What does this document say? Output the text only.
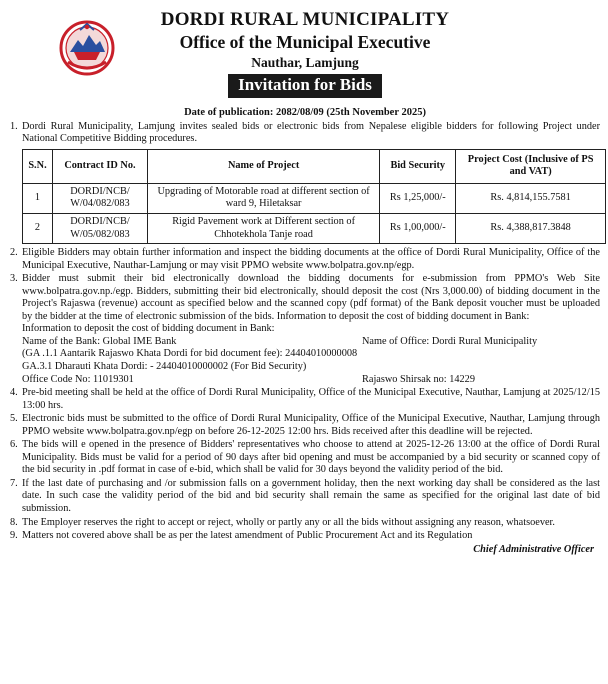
DORDI RURAL MUNICIPALITY
Office of the Municipal Executive
Nauthar, Lamjung
Invitation for Bids
Date of publication: 2082/08/09 (25th November 2025)
1. Dordi Rural Municipality, Lamjung invites sealed bids or electronic bids from Nepalese eligible bidders for following Project under National Competitive Bidding procedures.
S.N.	Contract ID No.	Name of Project	Bid Security	Project Cost (Inclusive of PS and VAT)
1	DORDI/NCB/ W/04/082/083	Upgrading of Motorable road at different section of ward 9, Hiletaksar	Rs 1,25,000/-	Rs. 4,814,155.7581
2	DORDI/NCB/ W/05/082/083	Rigid Pavement work at Different section of Chhotekhola Tanje road	Rs 1,00,000/-	Rs. 4,388,817.3848
2. Eligible Bidders may obtain further information and inspect the bidding documents at the office of Dordi Rural Municipality, Office of the Municipal Executive, Nauthar-Lamjung or may visit PPMO website www.bolpatra.gov.np/egp.
3. Bidder must submit their bid electronically download the bidding documents for e-submission from PPMO's Web Site www.bolpatra.gov.np./egp. Bidders, submitting their bid electronically, should deposit the cost (Nrs 3,000.00) of bidding document in the Project's Rajaswa (revenue) account as specified below and the scanned copy (pdf format) of the Bank deposit voucher must be uploaded by the bidder at the time of electronic submission of the bids. Information to deposit the cost of bidding document in Bank:
Information to deposit the cost of bidding document in Bank:
Name of the Bank: Global IME Bank	Name of Office: Dordi Rural Municipality
(GA .1.1 Aantarik Rajaswo Khata Dordi for bid document fee): 24404010000008
GA.3.1 Dharauti Khata Dordi: - 24404010000002 (For Bid Security)
Office Code No: 11019301	Rajaswo Shirsak no: 14229
4. Pre-bid meeting shall be held at the office of Dordi Rural Municipality, Office of the Municipal Executive, Nauthar, Lamjung at 2025/12/15 13:00 hrs.
5. Electronic bids must be submitted to the office of Dordi Rural Municipality, Office of the Municipal Executive, Nauthar, Lamjung through PPMO website www.bolpatra.gov.np/egp on before 26-12-2025 12:00 hrs. Bids received after this deadline will be rejected.
6. The bids will e opened in the presence of Bidders' representatives who choose to attend at 2025-12-26 13:00 at the office of Dordi Rural Municipality. Bids must be valid for a period of 90 days after bid opening and must be accompanied by a bid security or scanned copy of the bid security in .pdf format in case of e-bid, which shall be valid for 30 days beyond the validity period of the bid.
7. If the last date of purchasing and /or submission falls on a government holiday, then the next working day shall be considered as the last date. In such case the validity period of the bid and bid security shall remain the same as specified for the original last date of bid submission.
8. The Employer reserves the right to accept or reject, wholly or partly any or all the bids without assigning any reason, whatsoever.
9. Matters not covered above shall be as per the latest amendment of Public Procurement Act and its Regulation
Chief Administrative Officer
